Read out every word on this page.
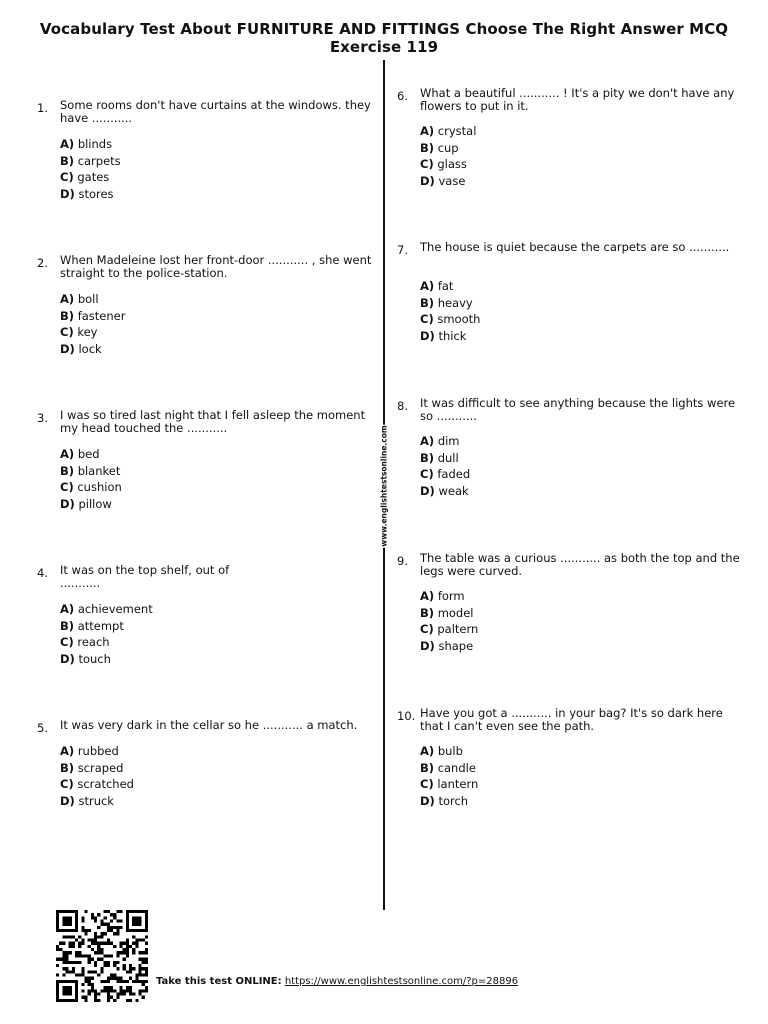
Vocabulary Test About FURNITURE AND FITTINGS Choose The Right Answer MCQ
Exercise 119
www.englishtestsonline.com
1. Some rooms don't have curtains at the windows. they have ...........
A) blinds
B) carpets
C) gates
D) stores
2. When Madeleine lost her front-door ........... , she went straight to the police-station.
A) boll
B) fastener
C) key
D) lock
3. I was so tired last night that I fell asleep the moment my head touched the ...........
A) bed
B) blanket
C) cushion
D) pillow
4. It was on the top shelf, out of ...........
A) achievement
B) attempt
C) reach
D) touch
5. It was very dark in the cellar so he ........... a match.
A) rubbed
B) scraped
C) scratched
D) struck
6. What a beautiful ........... ! It's a pity we don't have any flowers to put in it.
A) crystal
B) cup
C) glass
D) vase
7. The house is quiet because the carpets are so ...........
A) fat
B) heavy
C) smooth
D) thick
8. It was difficult to see anything because the lights were so ...........
A) dim
B) dull
C) faded
D) weak
9. The table was a curious ........... as both the top and the legs were curved.
A) form
B) model
C) paltern
D) shape
10. Have you got a ........... in your bag? It's so dark here that I can't even see the path.
A) bulb
B) candle
C) lantern
D) torch
Take this test ONLINE: https://www.englishtestsonline.com/?p=28896
